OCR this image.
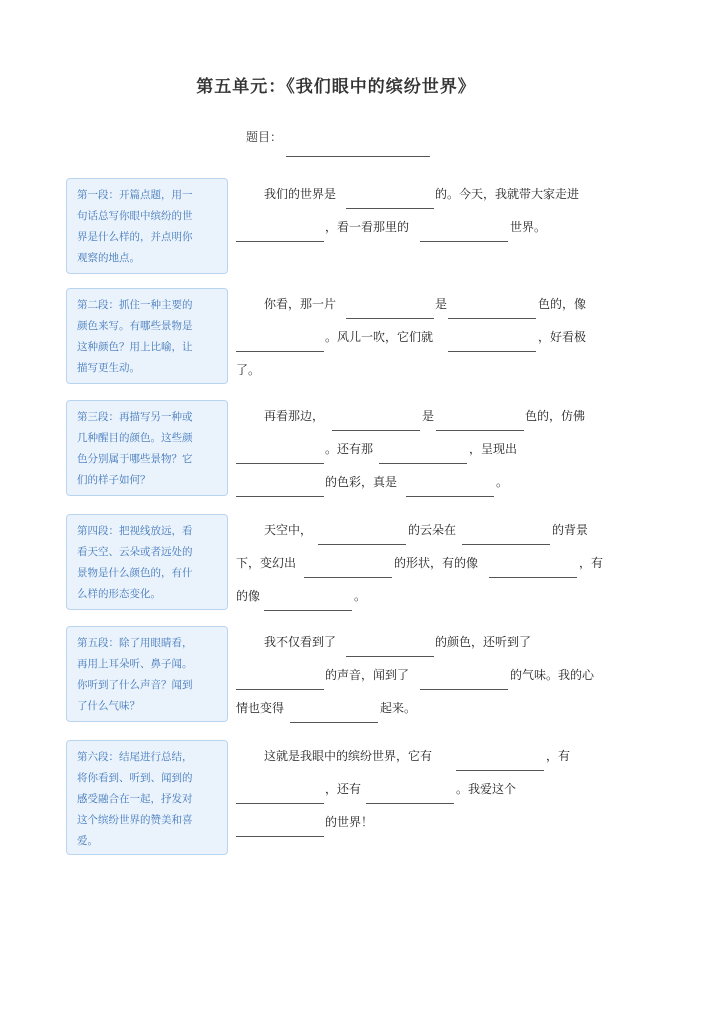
第五单元：《我们眼中的缤纷世界》
题目：
第一段：开篇点题，用一
句话总写你眼中缤纷的世
界是什么样的，并点明你
观察的地点。
我们的世界是	的。今天，我就带大家走进
，看一看那里的	世界。
第二段：抓住一种主要的
颜色来写。有哪些景物是
这种颜色？用上比喻，让
描写更生动。
你看，那一片	是	色的，像
。风儿一吹，它们就	，好看极
了。
第三段：再描写另一种或
几种醒目的颜色。这些颜
色分别属于哪些景物？它
们的样子如何？
再看那边，	是	色的，仿佛
。还有那	，呈现出
的色彩，真是	。
第四段：把视线放远，看
看天空、云朵或者远处的
景物是什么颜色的，有什
么样的形态变化。
天空中，	的云朵在	的背景
下，变幻出	的形状，有的像	，有
的像	。
第五段：除了用眼睛看，
再用上耳朵听、鼻子闻。
你听到了什么声音？闻到
了什么气味？
我不仅看到了	的颜色，还听到了
的声音，闻到了	的气味。我的心
情也变得	起来。
第六段：结尾进行总结，
将你看到、听到、闻到的
感受融合在一起，抒发对
这个缤纷世界的赞美和喜
爱。
这就是我眼中的缤纷世界，它有	，有
，还有	。我爱这个
的世界！
